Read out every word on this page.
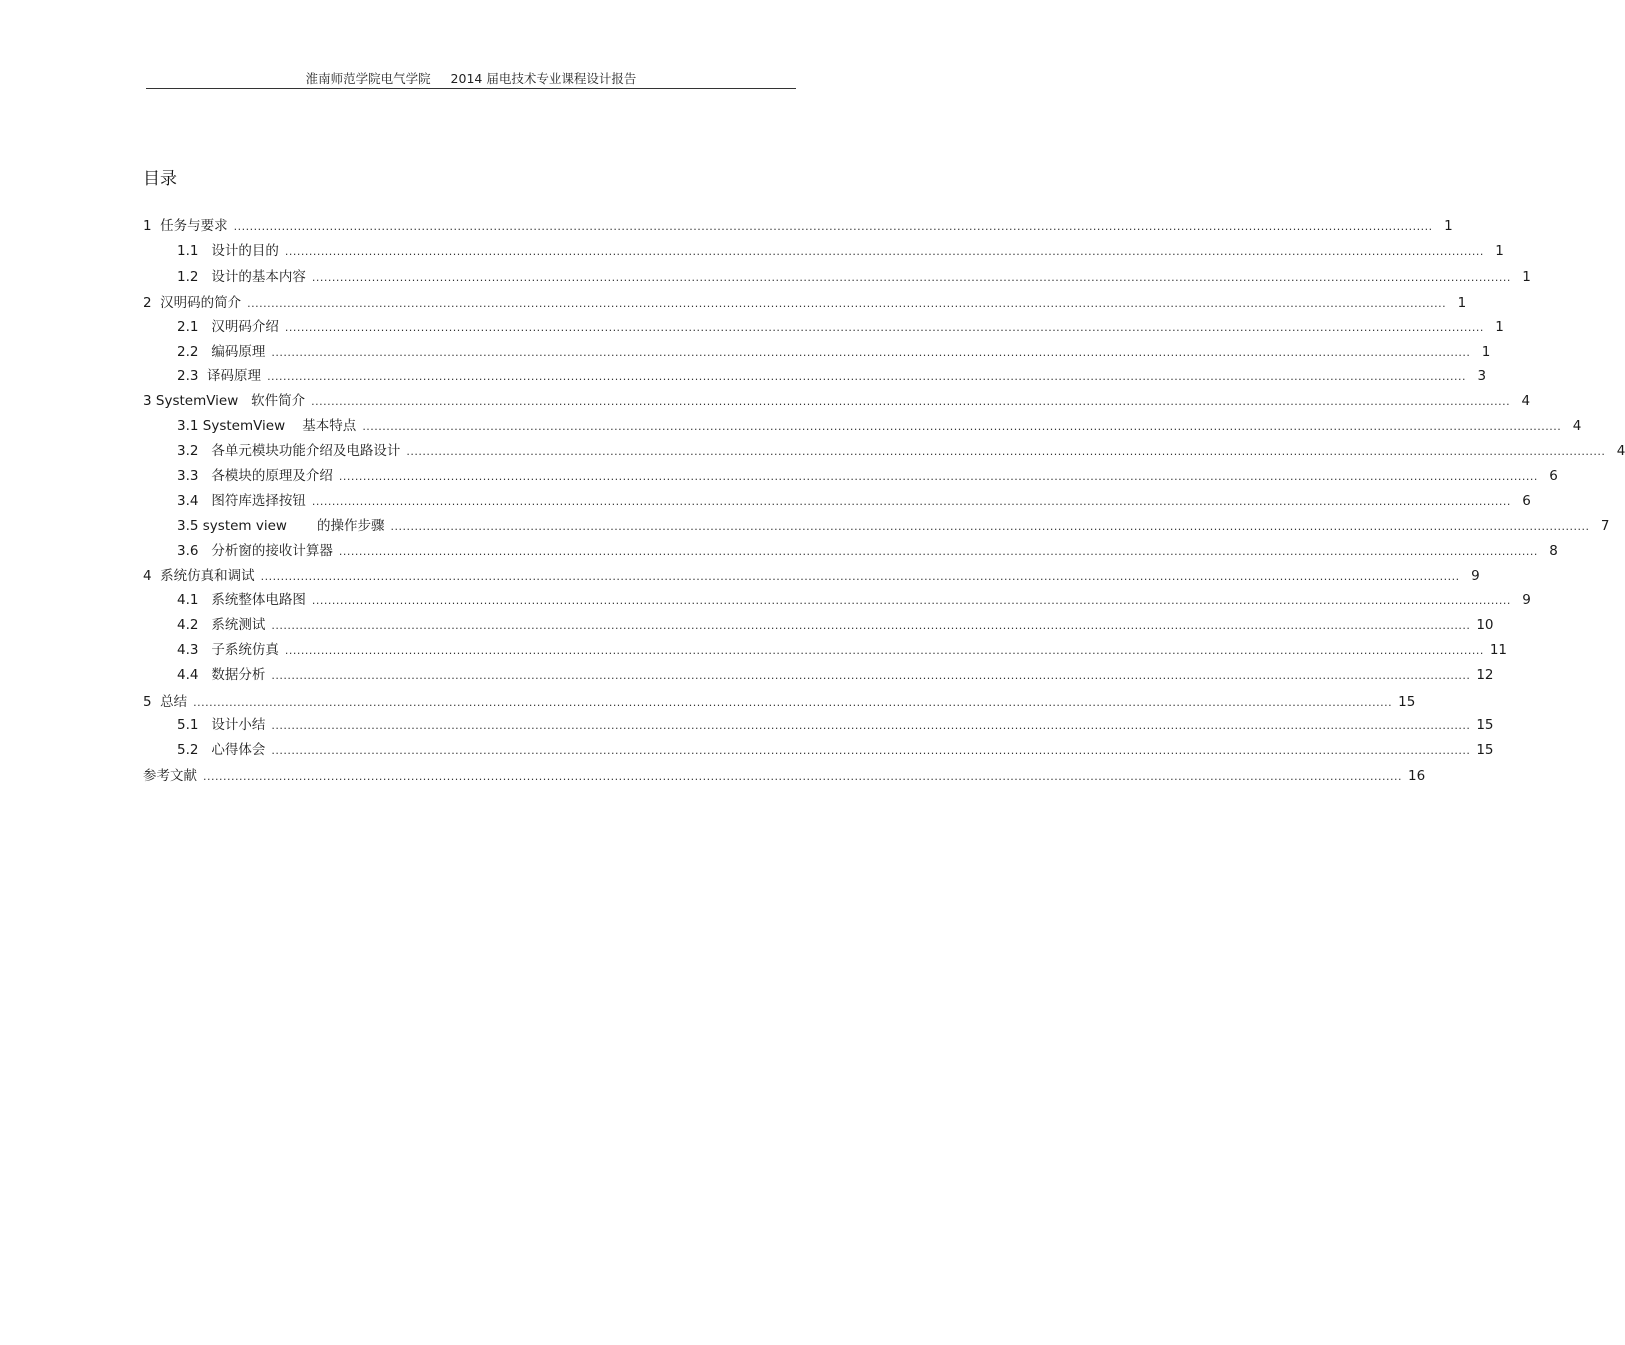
淮南师范学院电气学院     2014 届电技术专业课程设计报告
目录
1  任务与要求 ............................................................................................................................................................................................................................................................................................................ 1
1.1   设计的目的 ............................................................................................................................................................................................................................................................................................................ 1
1.2   设计的基本内容 ............................................................................................................................................................................................................................................................................................................ 1
2  汉明码的简介 ............................................................................................................................................................................................................................................................................................................ 1
2.1   汉明码介绍 ............................................................................................................................................................................................................................................................................................................ 1
2.2   编码原理 ............................................................................................................................................................................................................................................................................................................ 1
2.3  译码原理 ............................................................................................................................................................................................................................................................................................................ 3
3 SystemView   软件简介 ............................................................................................................................................................................................................................................................................................................ 4
3.1 SystemView    基本特点 ............................................................................................................................................................................................................................................................................................................ 4
3.2   各单元模块功能介绍及电路设计 ............................................................................................................................................................................................................................................................................................................ 4
3.3   各模块的原理及介绍 ............................................................................................................................................................................................................................................................................................................ 6
3.4   图符库选择按钮 ............................................................................................................................................................................................................................................................................................................ 6
3.5 system view       的操作步骤 ............................................................................................................................................................................................................................................................................................................ 7
3.6   分析窗的接收计算器 ............................................................................................................................................................................................................................................................................................................ 8
4  系统仿真和调试 ............................................................................................................................................................................................................................................................................................................ 9
4.1   系统整体电路图 ............................................................................................................................................................................................................................................................................................................ 9
4.2   系统测试 ............................................................................................................................................................................................................................................................................................................ 10
4.3   子系统仿真 ............................................................................................................................................................................................................................................................................................................ 11
4.4   数据分析 ............................................................................................................................................................................................................................................................................................................ 12
5  总结 ............................................................................................................................................................................................................................................................................................................ 15
5.1   设计小结 ............................................................................................................................................................................................................................................................................................................ 15
5.2   心得体会 ............................................................................................................................................................................................................................................................................................................ 15
参考文献 ............................................................................................................................................................................................................................................................................................................ 16
